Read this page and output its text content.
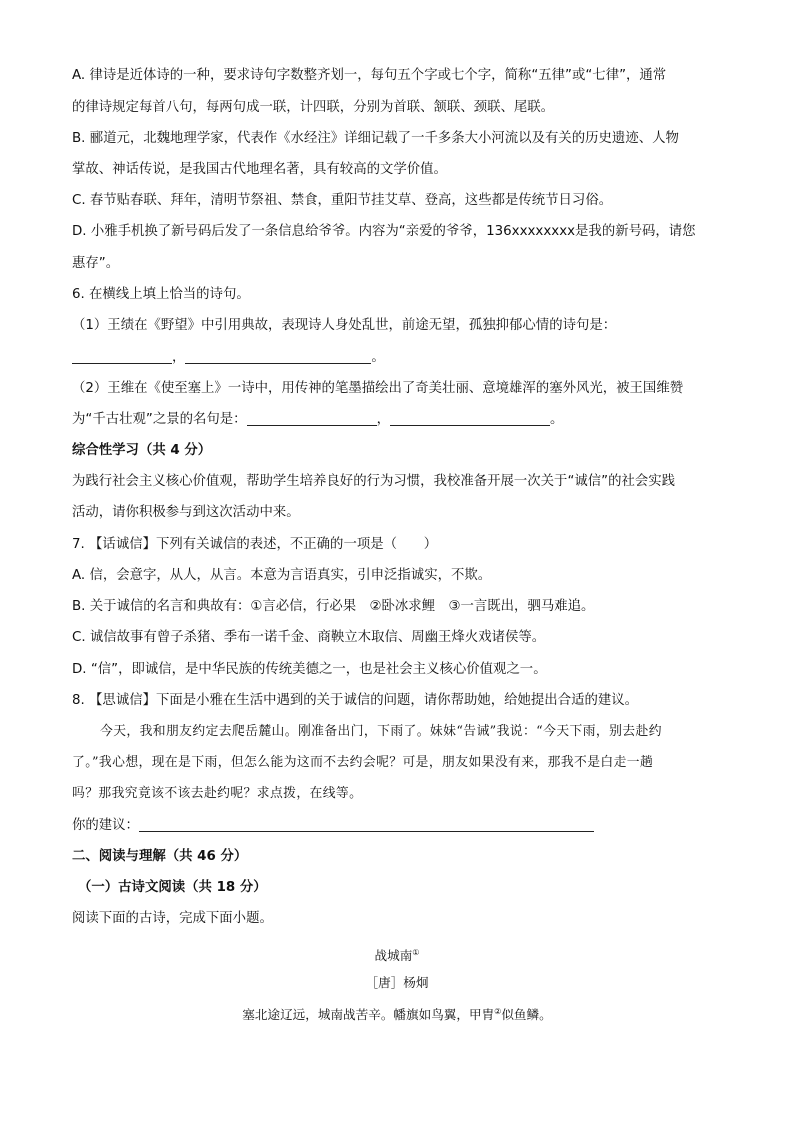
A. 律诗是近体诗的一种，要求诗句字数整齐划一，每句五个字或七个字，简称“五律”或“七律”，通常
的律诗规定每首八句，每两句成一联，计四联，分别为首联、颔联、颈联、尾联。
B. 郦道元，北魏地理学家，代表作《水经注》详细记载了一千多条大小河流以及有关的历史遗迹、人物
掌故、神话传说，是我国古代地理名著，具有较高的文学价值。
C. 春节贴春联、拜年，清明节祭祖、禁食，重阳节挂艾草、登高，这些都是传统节日习俗。
D. 小雅手机换了新号码后发了一条信息给爷爷。内容为“亲爱的爷爷，136xxxxxxxx是我的新号码，请您
惠存”。
6. 在横线上填上恰当的诗句。
（1）王绩在《野望》中引用典故，表现诗人身处乱世，前途无望，孤独抑郁心情的诗句是：
，	。
（2）王维在《使至塞上》一诗中，用传神的笔墨描绘出了奇美壮丽、意境雄浑的塞外风光，被王国维赞
为“千古壮观”之景的名句是：	，	。
综合性学习（共 4 分）
为践行社会主义核心价值观，帮助学生培养良好的行为习惯，我校准备开展一次关于“诚信”的社会实践
活动，请你积极参与到这次活动中来。
7. 【话诚信】下列有关诚信的表述，不正确的一项是（　　）
A. 信，会意字，从人，从言。本意为言语真实，引申泛指诚实，不欺。
B. 关于诚信的名言和典故有：①言必信，行必果　②卧冰求鲤　③一言既出，驷马难追。
C. 诚信故事有曾子杀猪、季布一诺千金、商鞅立木取信、周幽王烽火戏诸侯等。
D. “信”，即诚信，是中华民族的传统美德之一，也是社会主义核心价值观之一。
8. 【思诚信】下面是小雅在生活中遇到的关于诚信的问题，请你帮助她，给她提出合适的建议。
今天，我和朋友约定去爬岳麓山。刚准备出门，下雨了。妹妹“告诫”我说：“今天下雨，别去赴约
了。”我心想，现在是下雨，但怎么能为这而不去约会呢？可是，朋友如果没有来，那我不是白走一趟
吗？那我究竟该不该去赴约呢？求点拨，在线等。
你的建议：
二、阅读与理解（共 46 分）
（一）古诗文阅读（共 18 分）
阅读下面的古诗，完成下面小题。
战城南①
［唐］杨炯
塞北途辽远，城南战苦辛。幡旗如鸟翼，甲胄②似鱼鳞。
